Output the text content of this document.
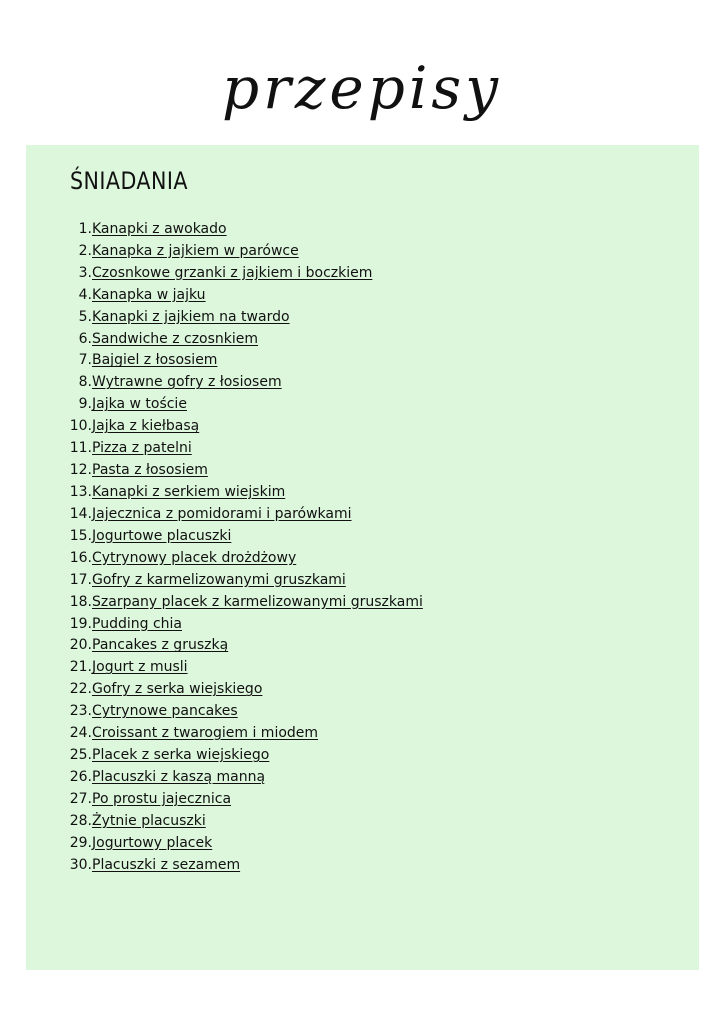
przepisy
ŚNIADANIA
1. Kanapki z awokado
2. Kanapka z jajkiem w parówce
3. Czosnkowe grzanki z jajkiem i boczkiem
4. Kanapka w jajku
5. Kanapki z jajkiem na twardo
6. Sandwiche z czosnkiem
7. Bajgiel z łososiem
8. Wytrawne gofry z łosiosem
9. Jajka w toście
10. Jajka z kiełbasą
11. Pizza z patelni
12. Pasta z łososiem
13. Kanapki z serkiem wiejskim
14. Jajecznica z pomidorami i parówkami
15. Jogurtowe placuszki
16. Cytrynowy placek drożdżowy
17. Gofry z karmelizowanymi gruszkami
18. Szarpany placek z karmelizowanymi gruszkami
19. Pudding chia
20. Pancakes z gruszką
21. Jogurt z musli
22. Gofry z serka wiejskiego
23. Cytrynowe pancakes
24. Croissant z twarogiem i miodem
25. Placek z serka wiejskiego
26. Placuszki z kaszą manną
27. Po prostu jajecznica
28. Żytnie placuszki
29. Jogurtowy placek
30. Placuszki z sezamem
